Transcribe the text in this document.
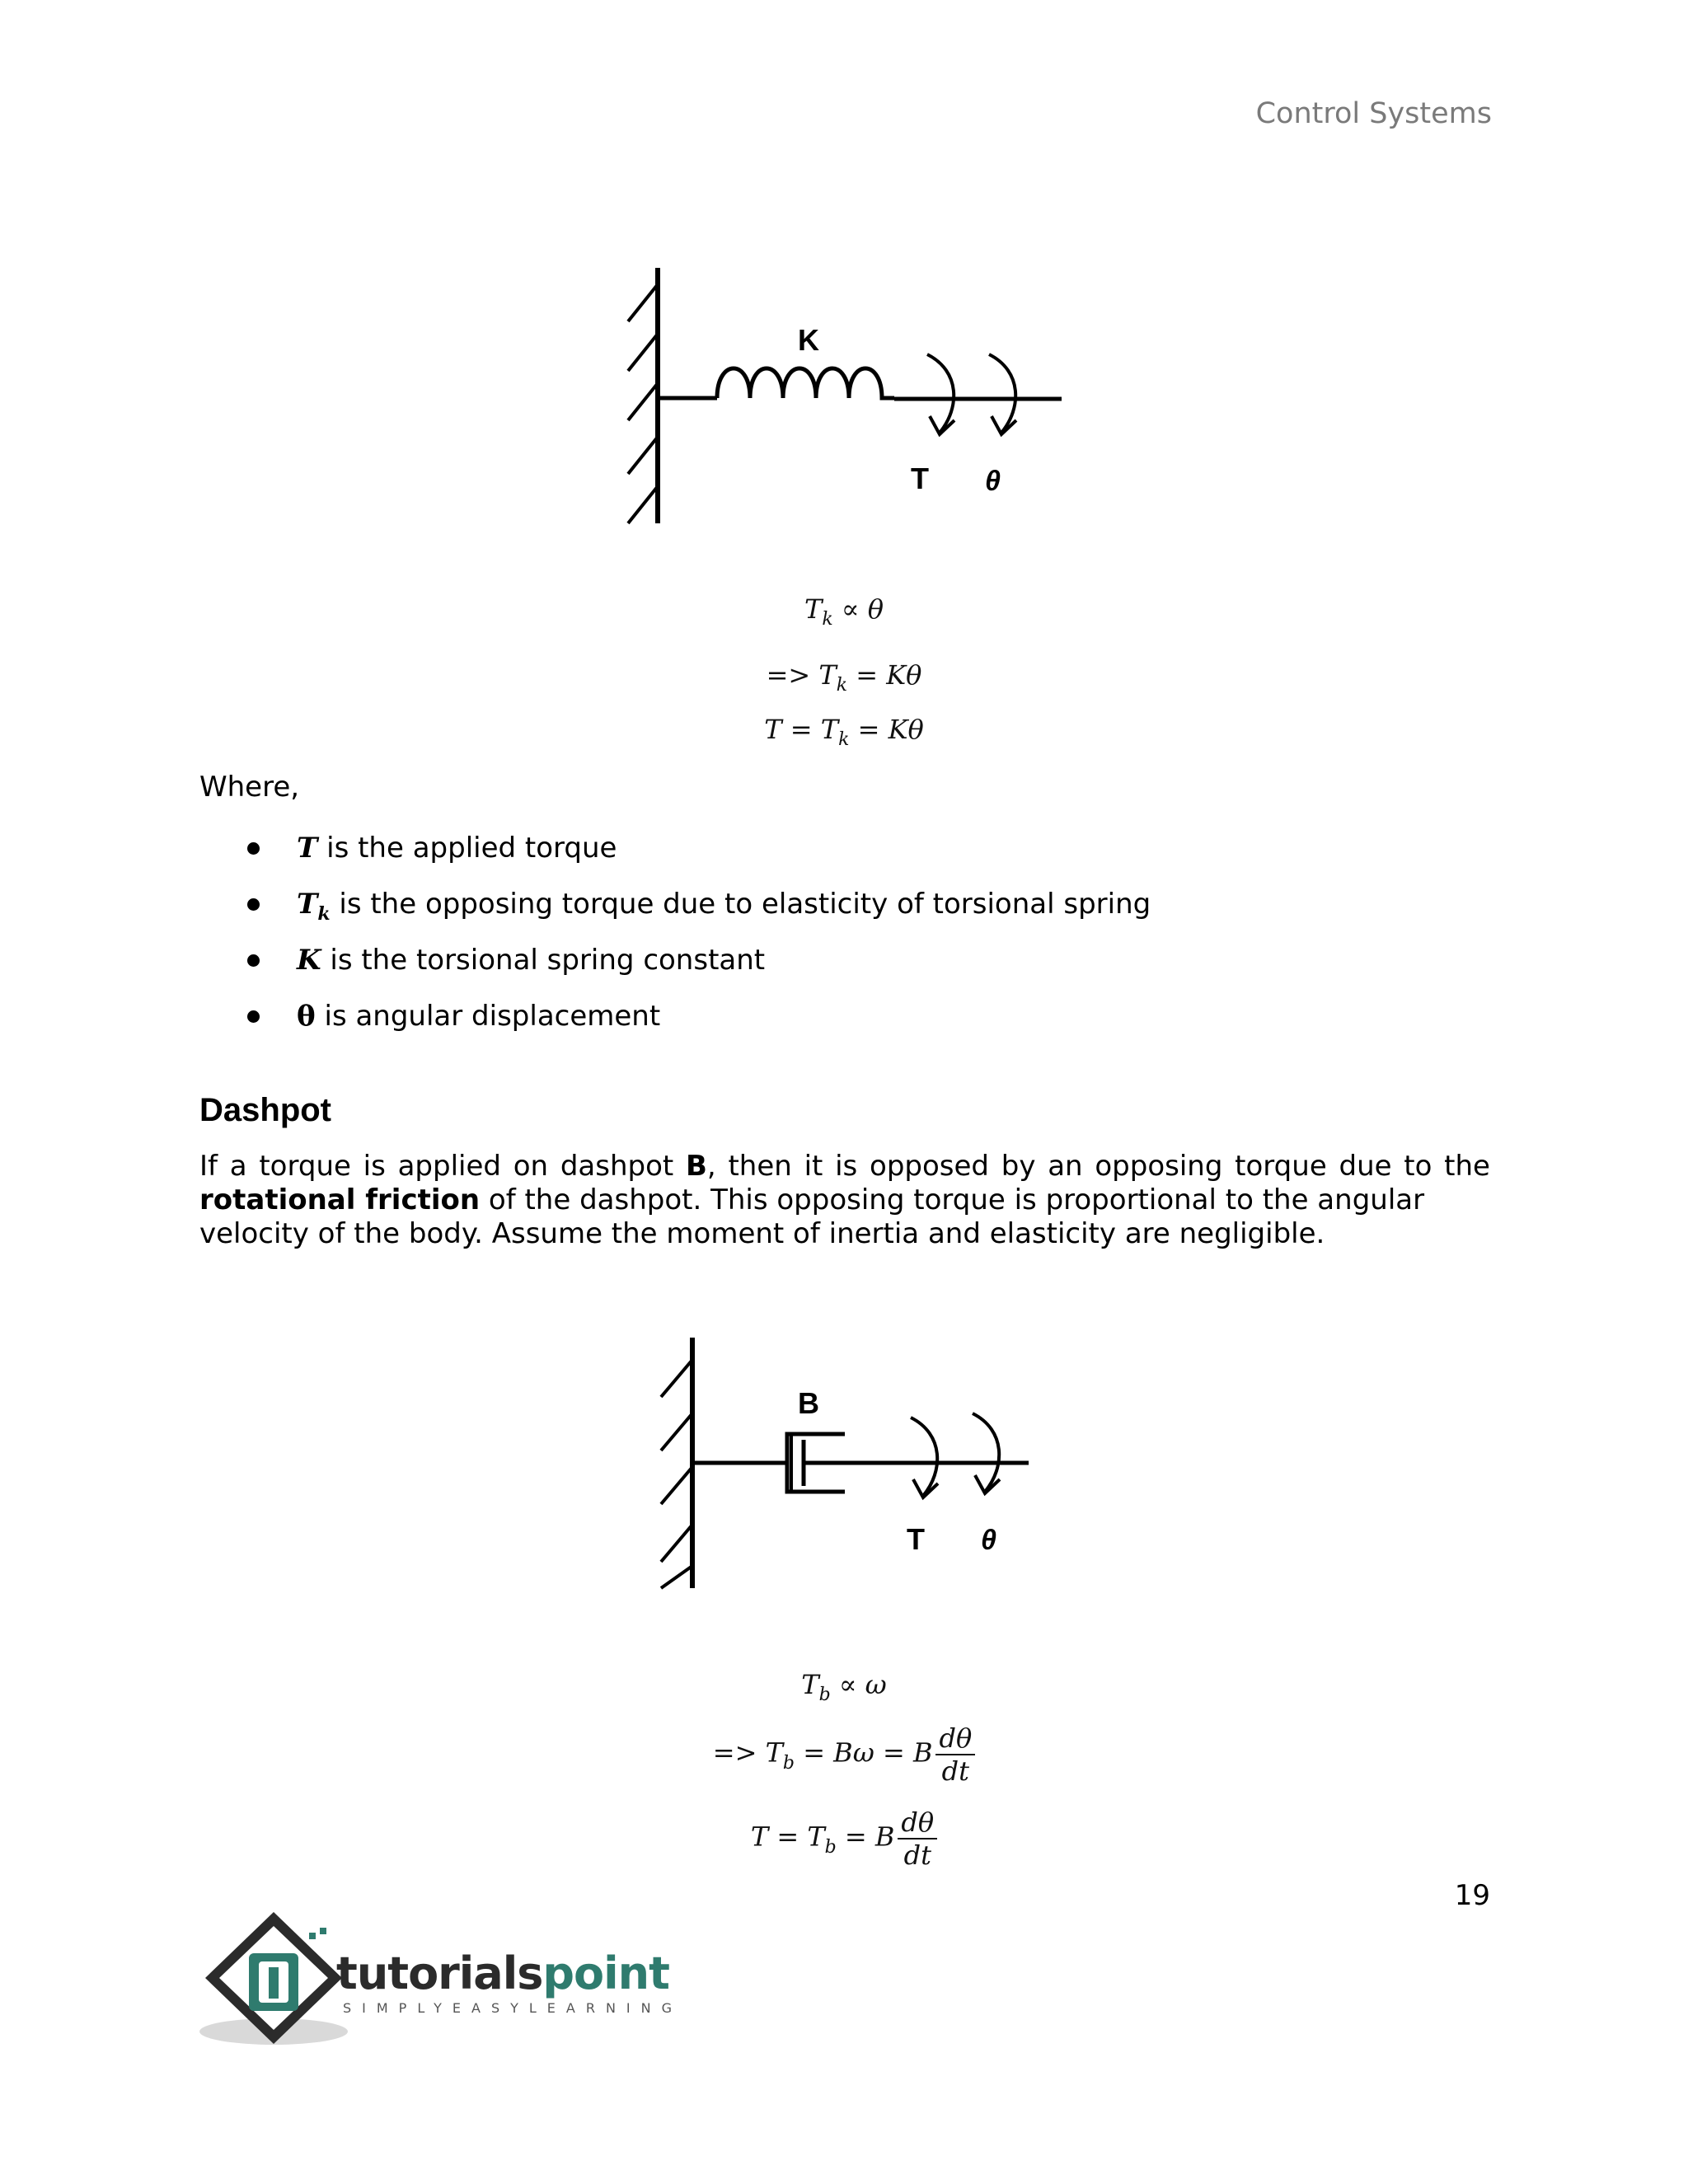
Control Systems
K
T θ
$T_k \propto \theta$
=> $T_k = K\theta$
$T = T_k = K\theta$
Where,
T is the applied torque
$T_k$ is the opposing torque due to elasticity of torsional spring
K is the torsional spring constant
θ is angular displacement
Dashpot
If a torque is applied on dashpot B, then it is opposed by an opposing torque due to the rotational friction of the dashpot. This opposing torque is proportional to the angular
velocity of the body. Assume the moment of inertia and elasticity are negligible.
B
T θ
$T_b \propto \omega$
=> $T_b = B\omega = B \frac{d\theta}{dt}$
$T = T_b = B \frac{d\theta}{dt}$
19
tutorialspoint
SIMPLYEASYLEARNING
